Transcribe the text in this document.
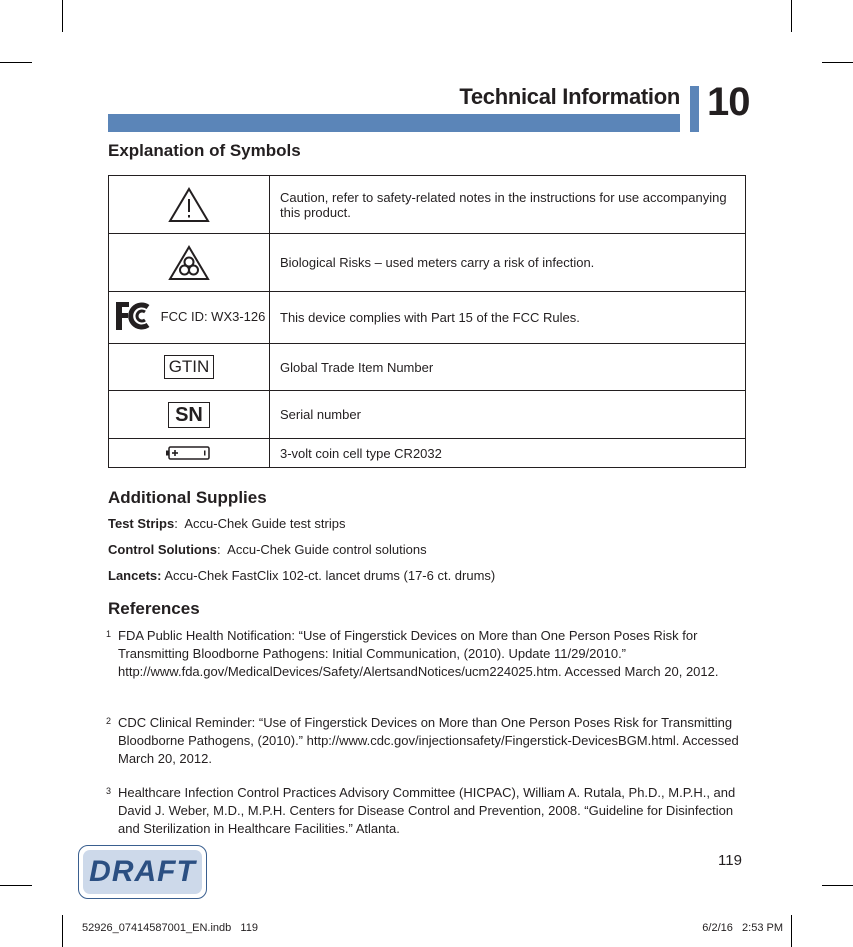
Technical Information 10
Explanation of Symbols
	Caution, refer to safety-related notes in the instructions for use accompanying this product.
	Biological Risks – used meters carry a risk of infection.

FCC ID: WX3-126	This device complies with Part 15 of the FCC Rules.
GTIN	Global Trade Item Number
SN	Serial number
	3-volt coin cell type CR2032
Additional Supplies
Test Strips:  Accu-Chek Guide test strips
Control Solutions:  Accu-Chek Guide control solutions
Lancets: Accu-Chek FastClix 102-ct. lancet drums (17-6 ct. drums)
References
1 FDA Public Health Notification: “Use of Fingerstick Devices on More than One Person Poses Risk for Transmitting Bloodborne Pathogens: Initial Communication, (2010). Update 11/29/2010.” http://www.fda.gov/MedicalDevices/Safety/AlertsandNotices/ucm224025.htm. Accessed March 20, 2012.
2 CDC Clinical Reminder: “Use of Fingerstick Devices on More than One Person Poses Risk for Transmitting Bloodborne Pathogens, (2010).” http://www.cdc.gov/injectionsafety/Fingerstick-DevicesBGM.html. Accessed March 20, 2012.
3 Healthcare Infection Control Practices Advisory Committee (HICPAC), William A. Rutala, Ph.D., M.P.H., and David J. Weber, M.D., M.P.H. Centers for Disease Control and Prevention, 2008. “Guideline for Disinfection and Sterilization in Healthcare Facilities.” Atlanta.
119
DRAFT
52926_07414587001_EN.indb   119	6/2/16   2:53 PM
